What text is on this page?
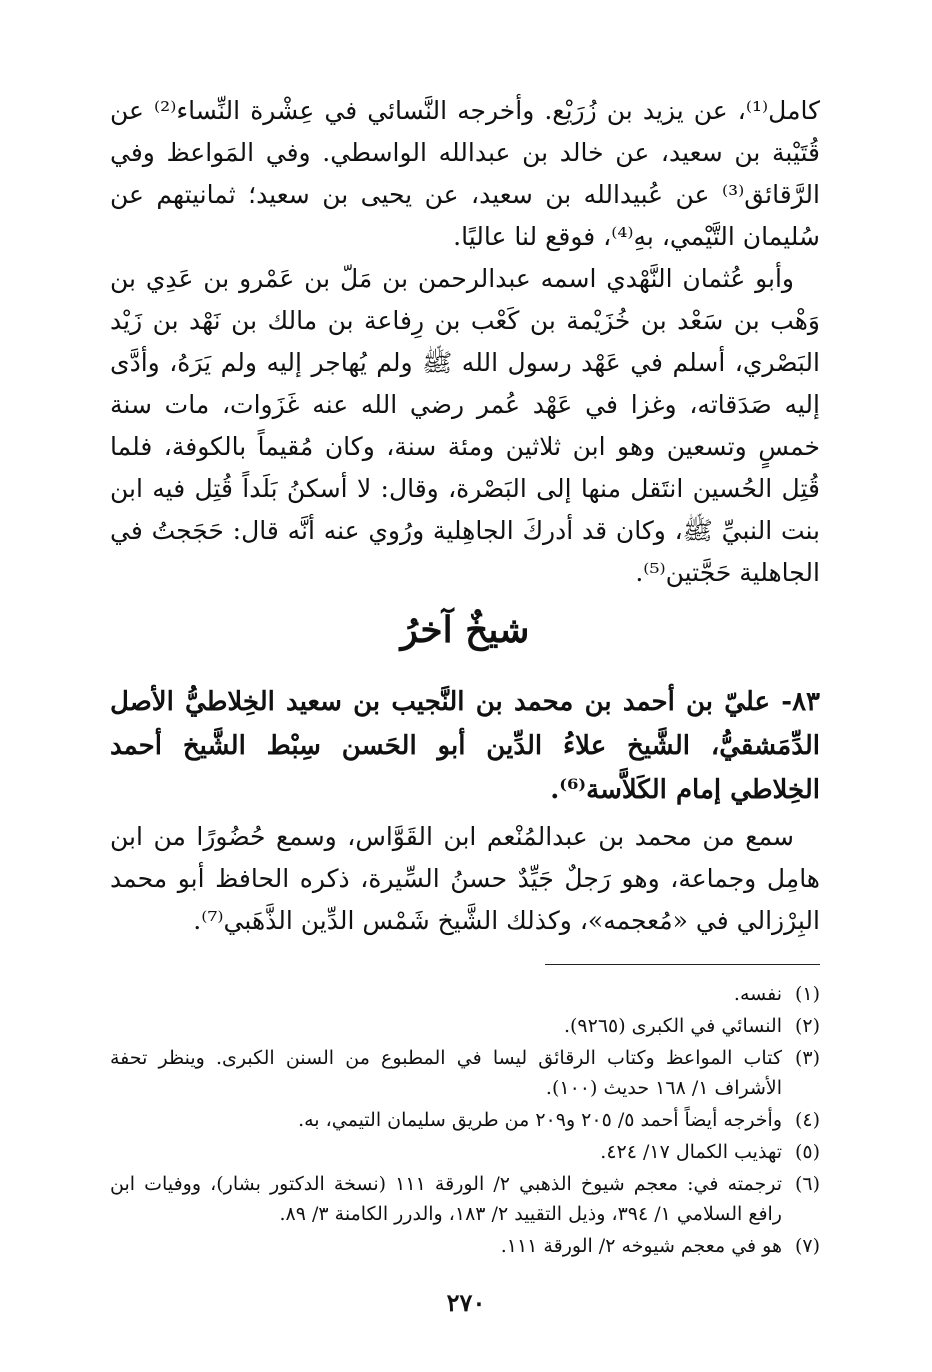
كامل⁽¹⁾، عن يزيد بن زُرَيْع. وأخرجه النَّسائي في عِشْرة النِّساء⁽²⁾ عن قُتَيْبة بن سعيد، عن خالد بن عبدالله الواسطي. وفي المَواعظ وفي الرَّقائق⁽³⁾ عن عُبيدالله بن سعيد، عن يحيى بن سعيد؛ ثمانيتهم عن سُليمان التَّيْمي، بهِ⁽⁴⁾، فوقع لنا عاليًا.

وأبو عُثمان النَّهْدي اسمه عبدالرحمن بن مَلّ بن عَمْرو بن عَدِي بن وَهْب بن سَعْد بن خُزَيْمة بن كَعْب بن رِفاعة بن مالك بن نَهْد بن زَيْد البَصْري، أسلم في عَهْد رسول الله ﷺ ولم يُهاجر إليه ولم يَرَهُ، وأدَّى إليه صَدَقاته، وغزا في عَهْد عُمر رضي الله عنه غَزَوات، مات سنة خمسٍ وتسعين وهو ابن ثلاثين ومئة سنة، وكان مُقيماً بالكوفة، فلما قُتِل الحُسين انتَقل منها إلى البَصْرة، وقال: لا أسكنُ بَلَداً قُتِل فيه ابن بنت النبيِّ ﷺ، وكان قد أدركَ الجاهِلية ورُوي عنه أنَّه قال: حَجَجتُ في الجاهلية حَجَّتين⁽⁵⁾.

شيخٌ آخرُ
٨٣- عليّ بن أحمد بن محمد بن النَّجيب بن سعيد الخِلاطيُّ الأصل الدِّمَشقيُّ، الشَّيخ علاءُ الدِّين أبو الحَسن سِبْط الشَّيخ أحمد الخِلاطي إمام الكَلاَّسة⁽⁶⁾.

سمع من محمد بن عبدالمُنْعم ابن القَوَّاس، وسمع حُضُورًا من ابن هامِل وجماعة، وهو رَجلٌ جَيِّدٌ حسنُ السِّيرة، ذكره الحافظ أبو محمد البِرْزالي في «مُعجمه»، وكذلك الشَّيخ شَمْس الدِّين الذَّهَبي⁽⁷⁾.

(١)
نفسه.
(٢)
النسائي في الكبرى (٩٢٦٥).
(٣)
كتاب المواعظ وكتاب الرقائق ليسا في المطبوع من السنن الكبرى. وينظر تحفة الأشراف ١/ ١٦٨ حديث (١٠٠).
(٤)
وأخرجه أيضاً أحمد ٥/ ٢٠٥ و٢٠٩ من طريق سليمان التيمي، به.
(٥)
تهذيب الكمال ١٧/ ٤٢٤.
(٦)
ترجمته في: معجم شيوخ الذهبي ٢/ الورقة ١١١ (نسخة الدكتور بشار)، ووفيات ابن رافع السلامي ١/ ٣٩٤، وذيل التقييد ٢/ ١٨٣، والدرر الكامنة ٣/ ٨٩.
(٧)
هو في معجم شيوخه ٢/ الورقة ١١١.
٢٧٠
